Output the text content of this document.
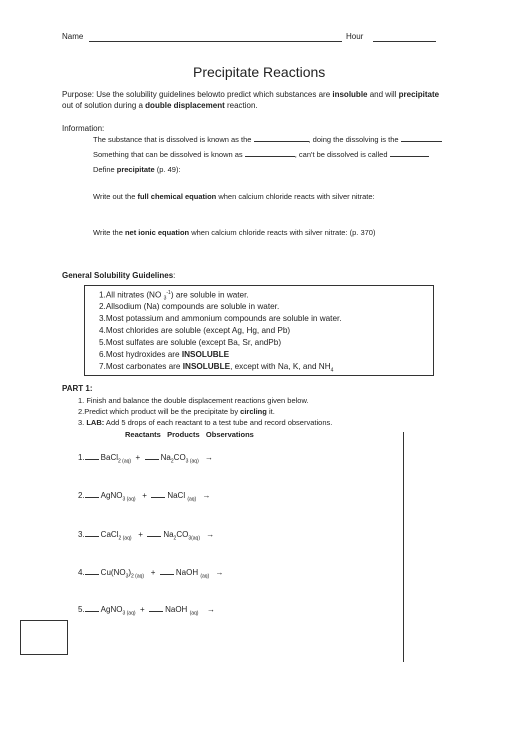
Name	Hour
Precipitate Reactions
Purpose: Use the solubility guidelines belowto predict which substances are insoluble and will precipitate
out of solution during a double displacement reaction.
Information:
The substance that is dissolved is known as the	, doing the dissolving is the
Something that can be dissolved is known as	, can't be dissolved is called
Define precipitate (p. 49):
Write out the full chemical equation when calcium chloride reacts with silver nitrate:
Write the net ionic equation when calcium chloride reacts with silver nitrate: (p. 370)
General Solubility Guidelines:
1.All nitrates (NO $^{3-1}$) are soluble in water.
2.Allsodium (Na) compounds are soluble in water.
3.Most potassium and ammonium compounds are soluble in water.
4.Most chlorides are soluble (except Ag, Hg, and Pb)
5.Most sulfates are soluble (except Ba, Sr, andPb)
6.Most hydroxides are INSOLUBLE
7.Most carbonates are INSOLUBLE, except with Na, K, and $NH_4$
PART 1:
1. Finish and balance the double displacement reactions given below.
2.Predict which product will be the precipitate by circling it.
3. LAB: Add 5 drops of each reactant to a test tube and record observations.
Reactants Products Observations
1. BaCl$_{2 (aq)}$ +	$Na_2CO_{3 (aq)}$ →
2. AgNO$_{3 (aq)}$ +	NaCl $_{(aq)}$ →
3. CaCl$_{2 (aq)}$ +	$Na_2CO_{3(aq)}$ →
4. $Cu(NO_3)_{2 (aq)}$ +	NaOH $_{(aq)}$ →
5. AgNO$_{3 (aq)}$ +	NaOH $_{(aq)}$ →
